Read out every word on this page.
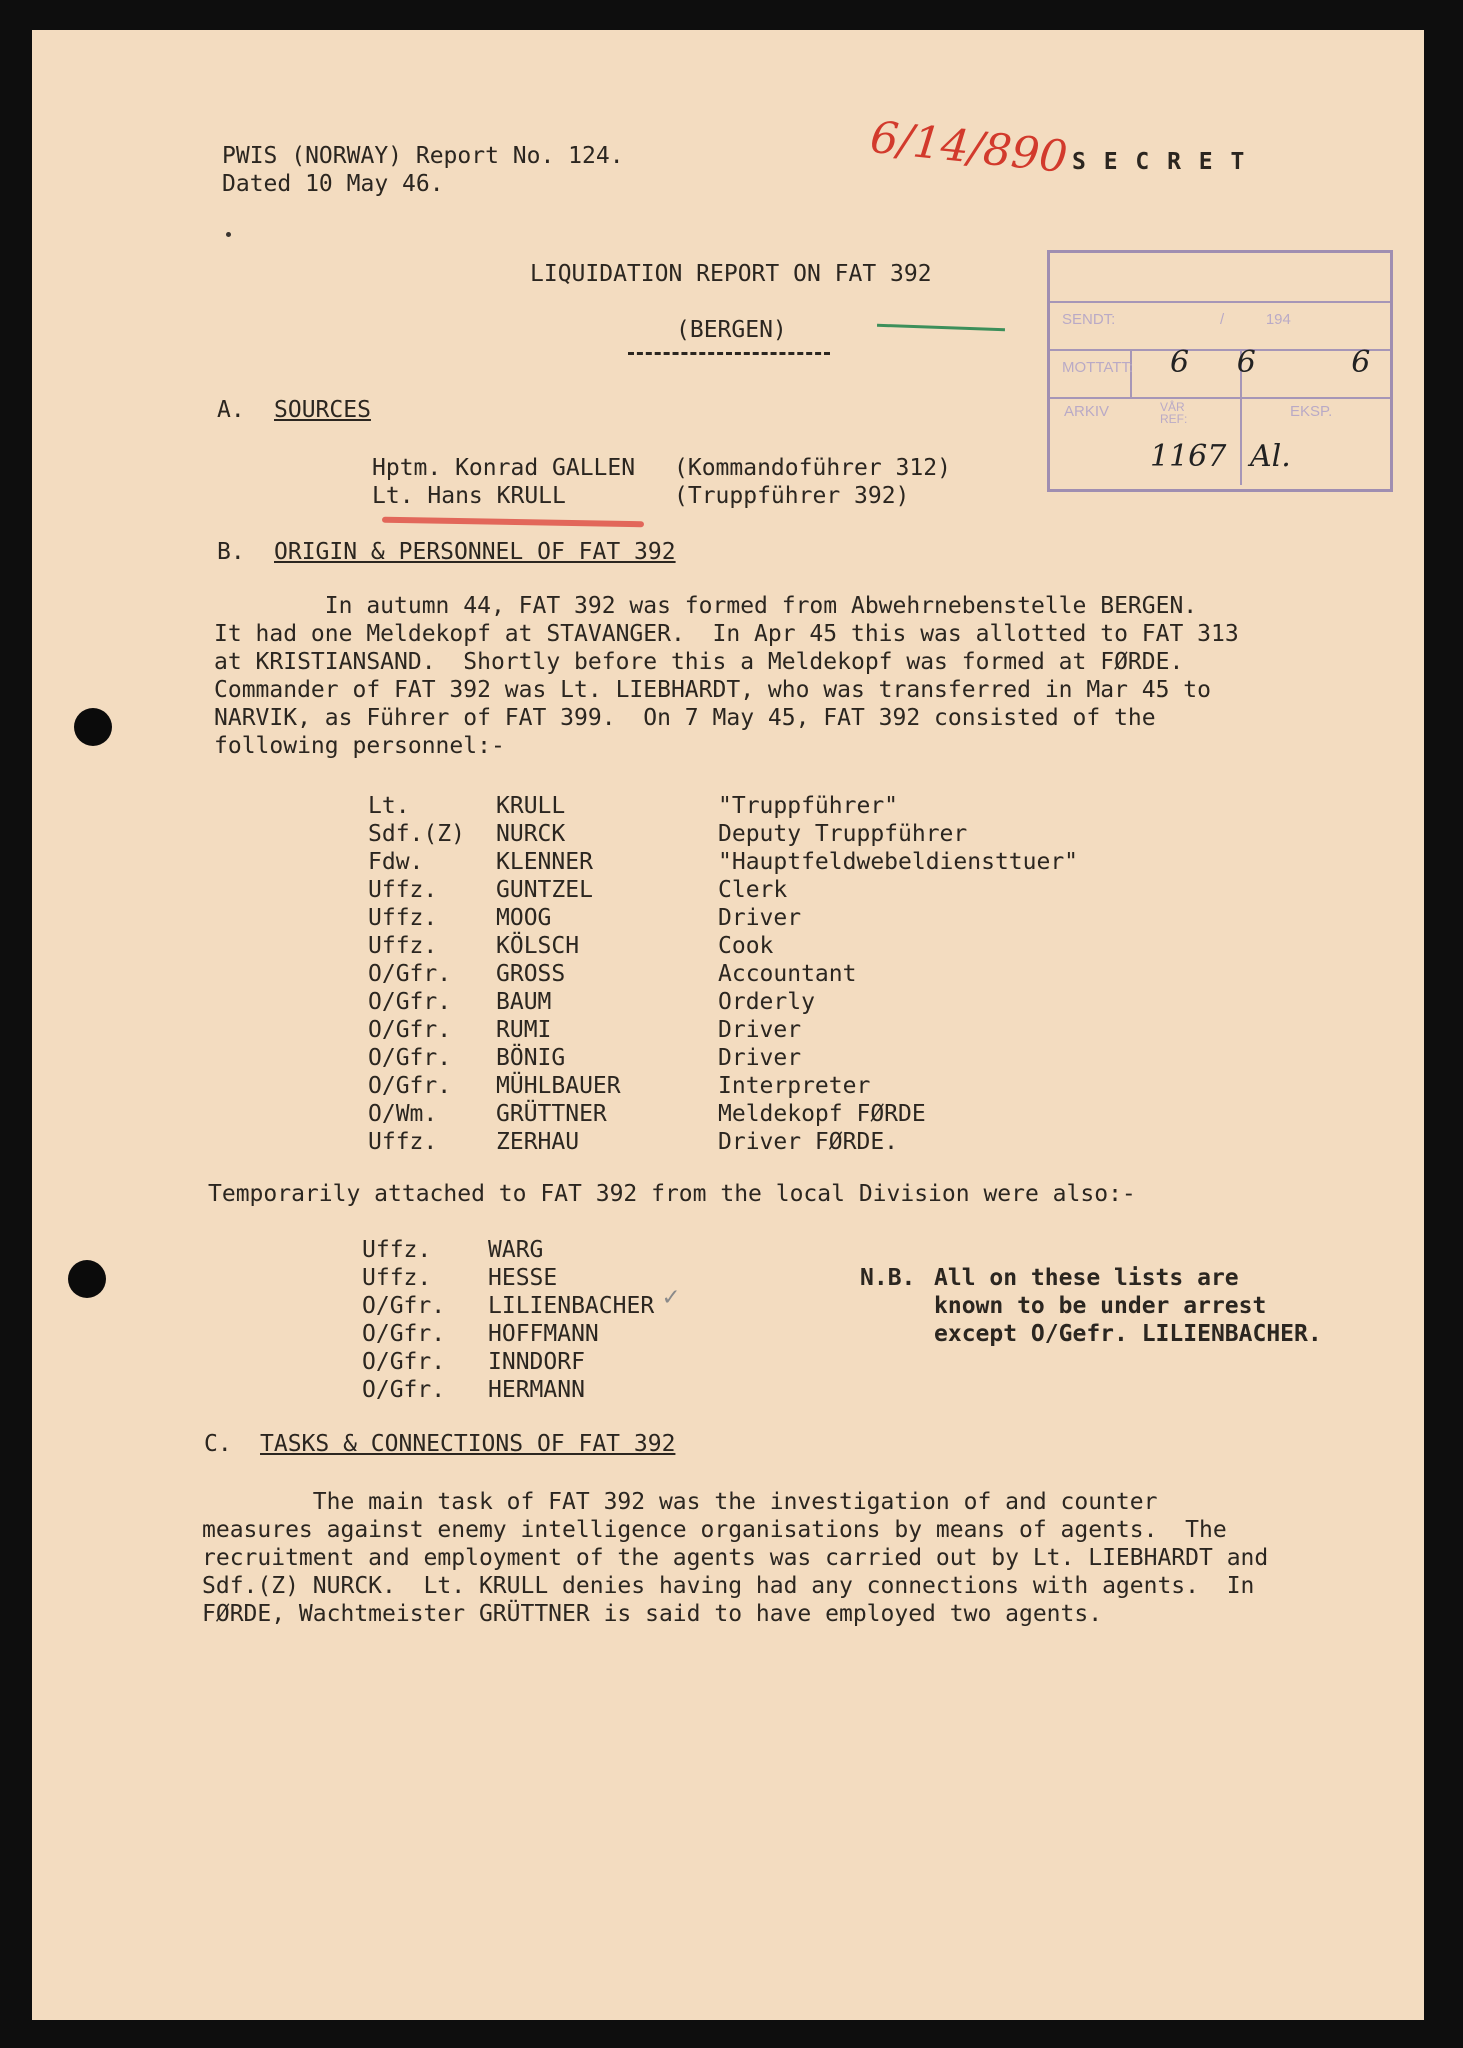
6/14/890
PWIS (NORWAY) Report No. 124.
Dated 10 May 46.
S E C R E T
SENDT:	/          194
MOTTATT: 6     6          6
ARKIV	VÅR
REF:	EKSP.
1167 Al.
LIQUIDATION REPORT ON FAT 392
(BERGEN)
A. SOURCES
Hptm. Konrad GALLEN (Kommandoführer 312)
Lt. Hans KRULL	(Truppführer 392)
B. ORIGIN & PERSONNEL OF FAT 392
In autumn 44, FAT 392 was formed from Abwehrnebenstelle BERGEN.
It had one Meldekopf at STAVANGER.  In Apr 45 this was allotted to FAT 313
at KRISTIANSAND.  Shortly before this a Meldekopf was formed at FØRDE.
Commander of FAT 392 was Lt. LIEBHARDT, who was transferred in Mar 45 to
NARVIK, as Führer of FAT 399.  On 7 May 45, FAT 392 consisted of the
following personnel:-
Lt.	KRULL	"Truppführer"
Sdf.(Z) NURCK	Deputy Truppführer
Fdw.	KLENNER	"Hauptfeldwebeldiensttuer"
Uffz.	GUNTZEL	Clerk
Uffz.	MOOG	Driver
Uffz.	KÖLSCH	Cook
O/Gfr. GROSS	Accountant
O/Gfr. BAUM	Orderly
O/Gfr. RUMI	Driver
O/Gfr. BÖNIG	Driver
O/Gfr. MÜHLBAUER	Interpreter
O/Wm.	GRÜTTNER	Meldekopf FØRDE
Uffz.	ZERHAU	Driver FØRDE.
Temporarily attached to FAT 392 from the local Division were also:-
Uffz. WARG
Uffz. HESSE
O/Gfr. LILIENBACHER
O/Gfr. HOFFMANN
O/Gfr. INNDORF
O/Gfr. HERMANN
✓
N.B. All on these lists are
known to be under arrest
except O/Gefr. LILIENBACHER.
C. TASKS & CONNECTIONS OF FAT 392
The main task of FAT 392 was the investigation of and counter
measures against enemy intelligence organisations by means of agents.  The
recruitment and employment of the agents was carried out by Lt. LIEBHARDT and
Sdf.(Z) NURCK.  Lt. KRULL denies having had any connections with agents.  In
FØRDE, Wachtmeister GRÜTTNER is said to have employed two agents.
